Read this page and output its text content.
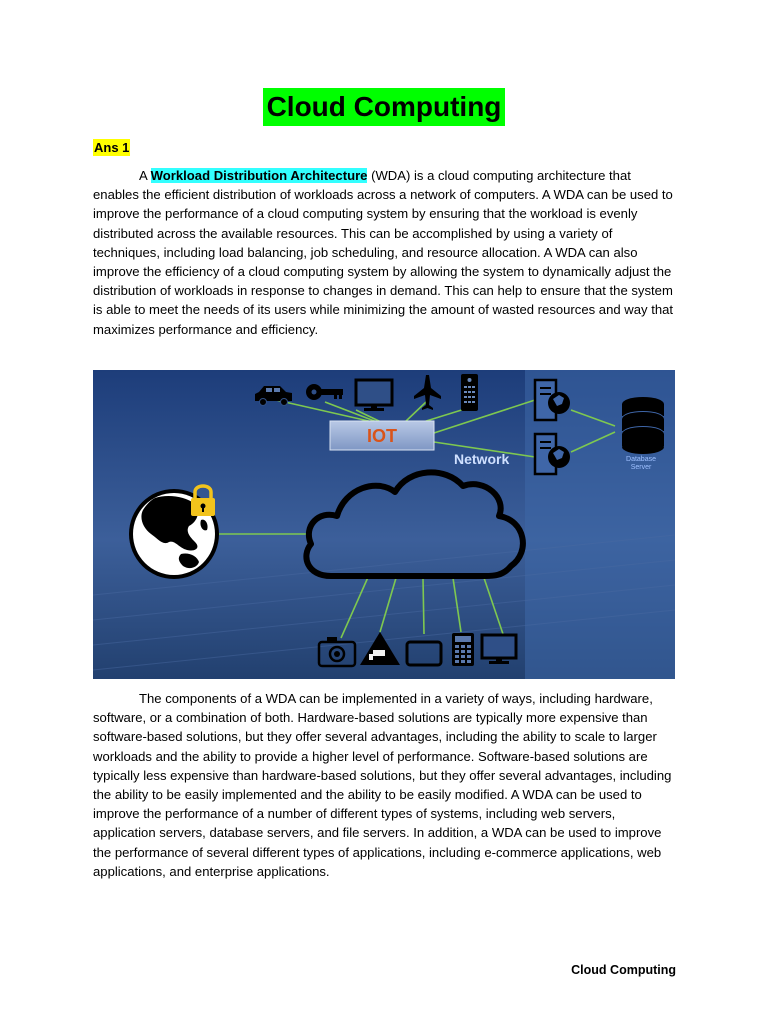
Cloud Computing
Ans 1
A Workload Distribution Architecture (WDA) is a cloud computing architecture that enables the efficient distribution of workloads across a network of computers. A WDA can be used to improve the performance of a cloud computing system by ensuring that the workload is evenly distributed across the available resources. This can be accomplished by using a variety of techniques, including load balancing, job scheduling, and resource allocation. A WDA can also improve the efficiency of a cloud computing system by allowing the system to dynamically adjust the distribution of workloads in response to changes in demand. This can help to ensure that the system is able to meet the needs of its users while minimizing the amount of wasted resources and way that maximizes performance and efficiency.
IOT
Network	Database
Server
The components of a WDA can be implemented in a variety of ways, including hardware, software, or a combination of both. Hardware-based solutions are typically more expensive than software-based solutions, but they offer several advantages, including the ability to scale to larger workloads and the ability to provide a higher level of performance. Software-based solutions are typically less expensive than hardware-based solutions, but they offer several advantages, including the ability to be easily implemented and the ability to be easily modified. A WDA can be used to improve the performance of a number of different types of systems, including web servers, application servers, database servers, and file servers. In addition, a WDA can be used to improve the performance of several different types of applications, including e-commerce applications, web applications, and enterprise applications.
Cloud Computing
